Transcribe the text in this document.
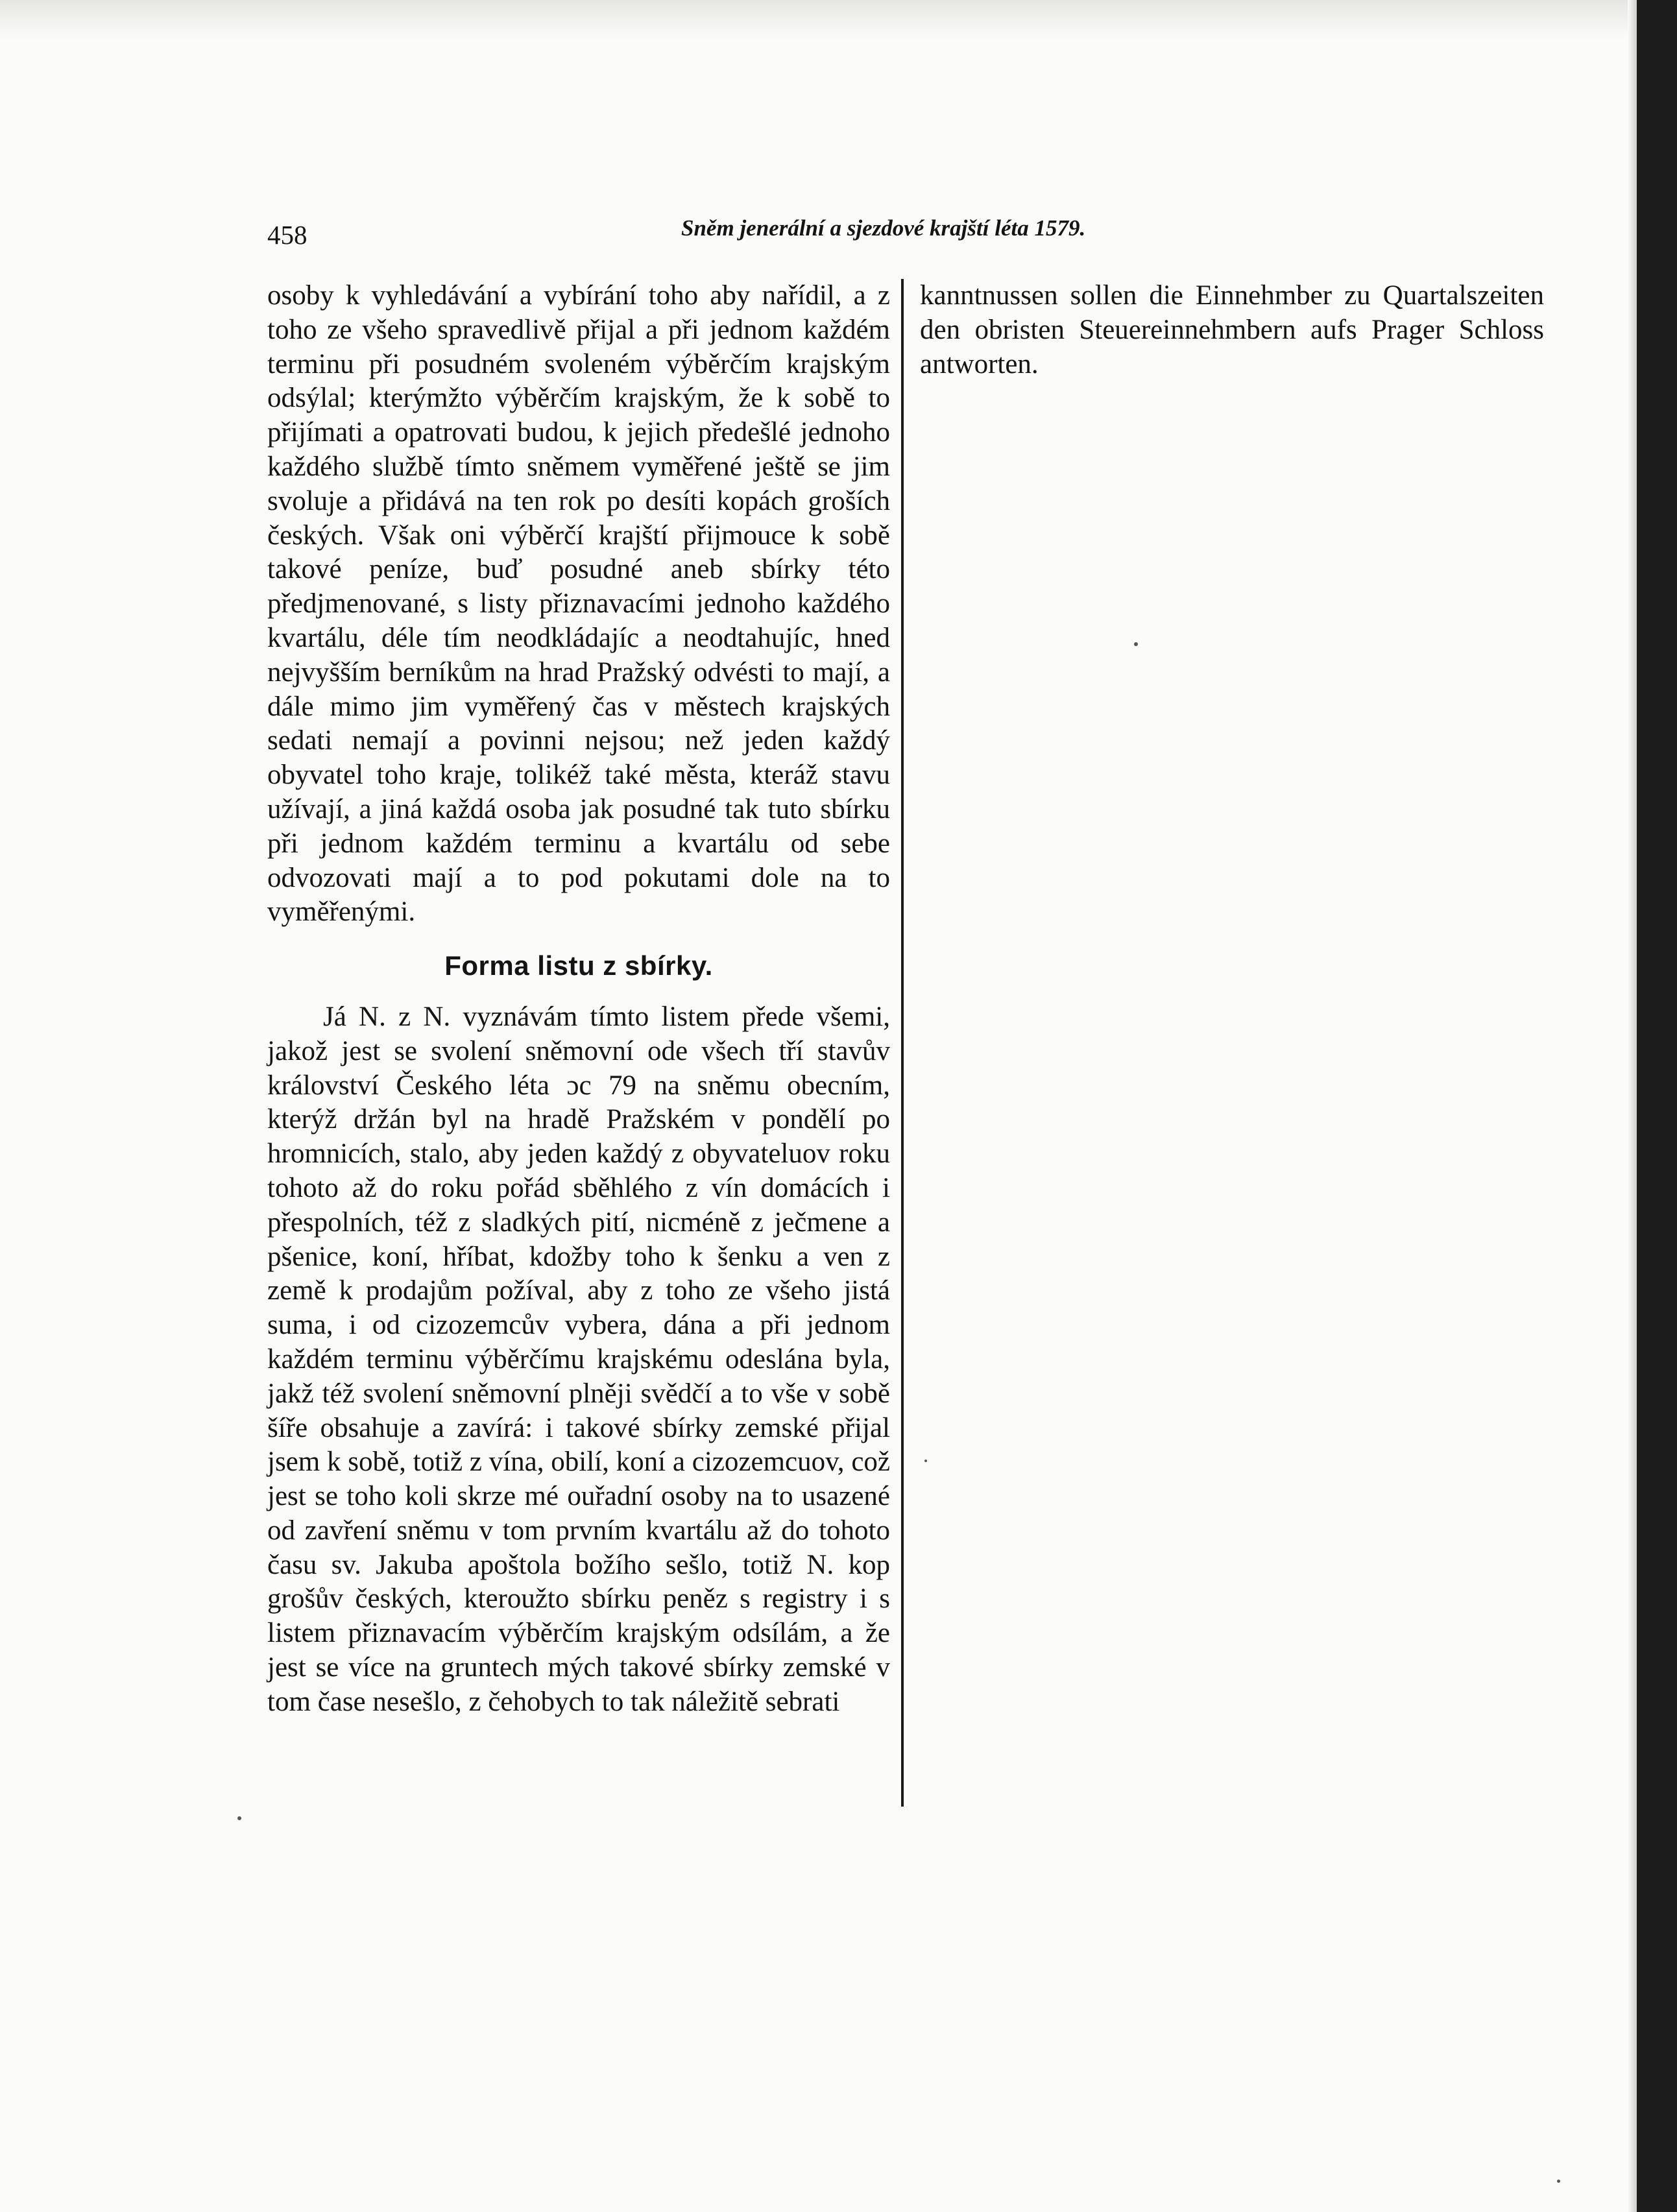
458	Sněm jenerální a sjezdové krajští léta 1579.

osoby k vyhledávání a vybírání toho aby nařídil, a z toho ze všeho spravedlivě přijal a při jednom každém terminu při posudném svoleném výběrčím krajským odsýlal; kterýmžto výběrčím krajským, že k sobě to přijímati a opatrovati budou, k jejich předešlé jednoho každého službě tímto sněmem vyměřené ještě se jim svoluje a přidává na ten rok po desíti kopách groších českých. Však oni výběrčí krajští přijmouce k sobě takové peníze, buď posudné aneb sbírky této předjmenované, s listy přiznavacími jednoho každého kvartálu, déle tím neodkládajíc a neodtahujíc, hned nejvyšším berníkům na hrad Pražský odvésti to mají, a dále mimo jim vyměřený čas v městech krajských sedati nemají a povinni nejsou; než jeden každý obyvatel toho kraje, tolikéž také města, kteráž stavu užívají, a jiná každá osoba jak posudné tak tuto sbírku při jednom každém terminu a kvartálu od sebe odvozovati mají a to pod pokutami dole na to vyměřenými.

Forma listu z sbírky.

Já N. z N. vyznávám tímto listem přede všemi, jakož jest se svolení sněmovní ode všech tří stavův království Českého léta ɔc 79 na sněmu obecním, kterýž držán byl na hradě Pražském v pondělí po hromnicích, stalo, aby jeden každý z obyvateluov roku tohoto až do roku pořád sběhlého z vín domácích i přespolních, též z sladkých pití, nicméně z ječmene a pšenice, koní, hříbat, kdožby toho k šenku a ven z země k prodajům požíval, aby z toho ze všeho jistá suma, i od cizozemcův vybera, dána a při jednom každém terminu výběrčímu krajskému odeslána byla, jakž též svolení sněmovní plněji svědčí a to vše v sobě šíře obsahuje a zavírá: i takové sbírky zemské přijal jsem k sobě, totiž z vína, obilí, koní a cizozemcuov, což jest se toho koli skrze mé ouřadní osoby na to usazené od zavření sněmu v tom prvním kvartálu až do tohoto času sv. Jakuba apoštola božího sešlo, totiž N. kop grošův českých, kteroužto sbírku peněz s registry i s listem přiznavacím výběrčím krajským odsílám, a že jest se více na gruntech mých takové sbírky zemské v tom čase nesešlo, z čehobych to tak náležitě sebrati

kanntnussen sollen die Einnehmber zu Quartalszeiten den obristen Steuereinnehmbern aufs Prager Schloss antworten.
